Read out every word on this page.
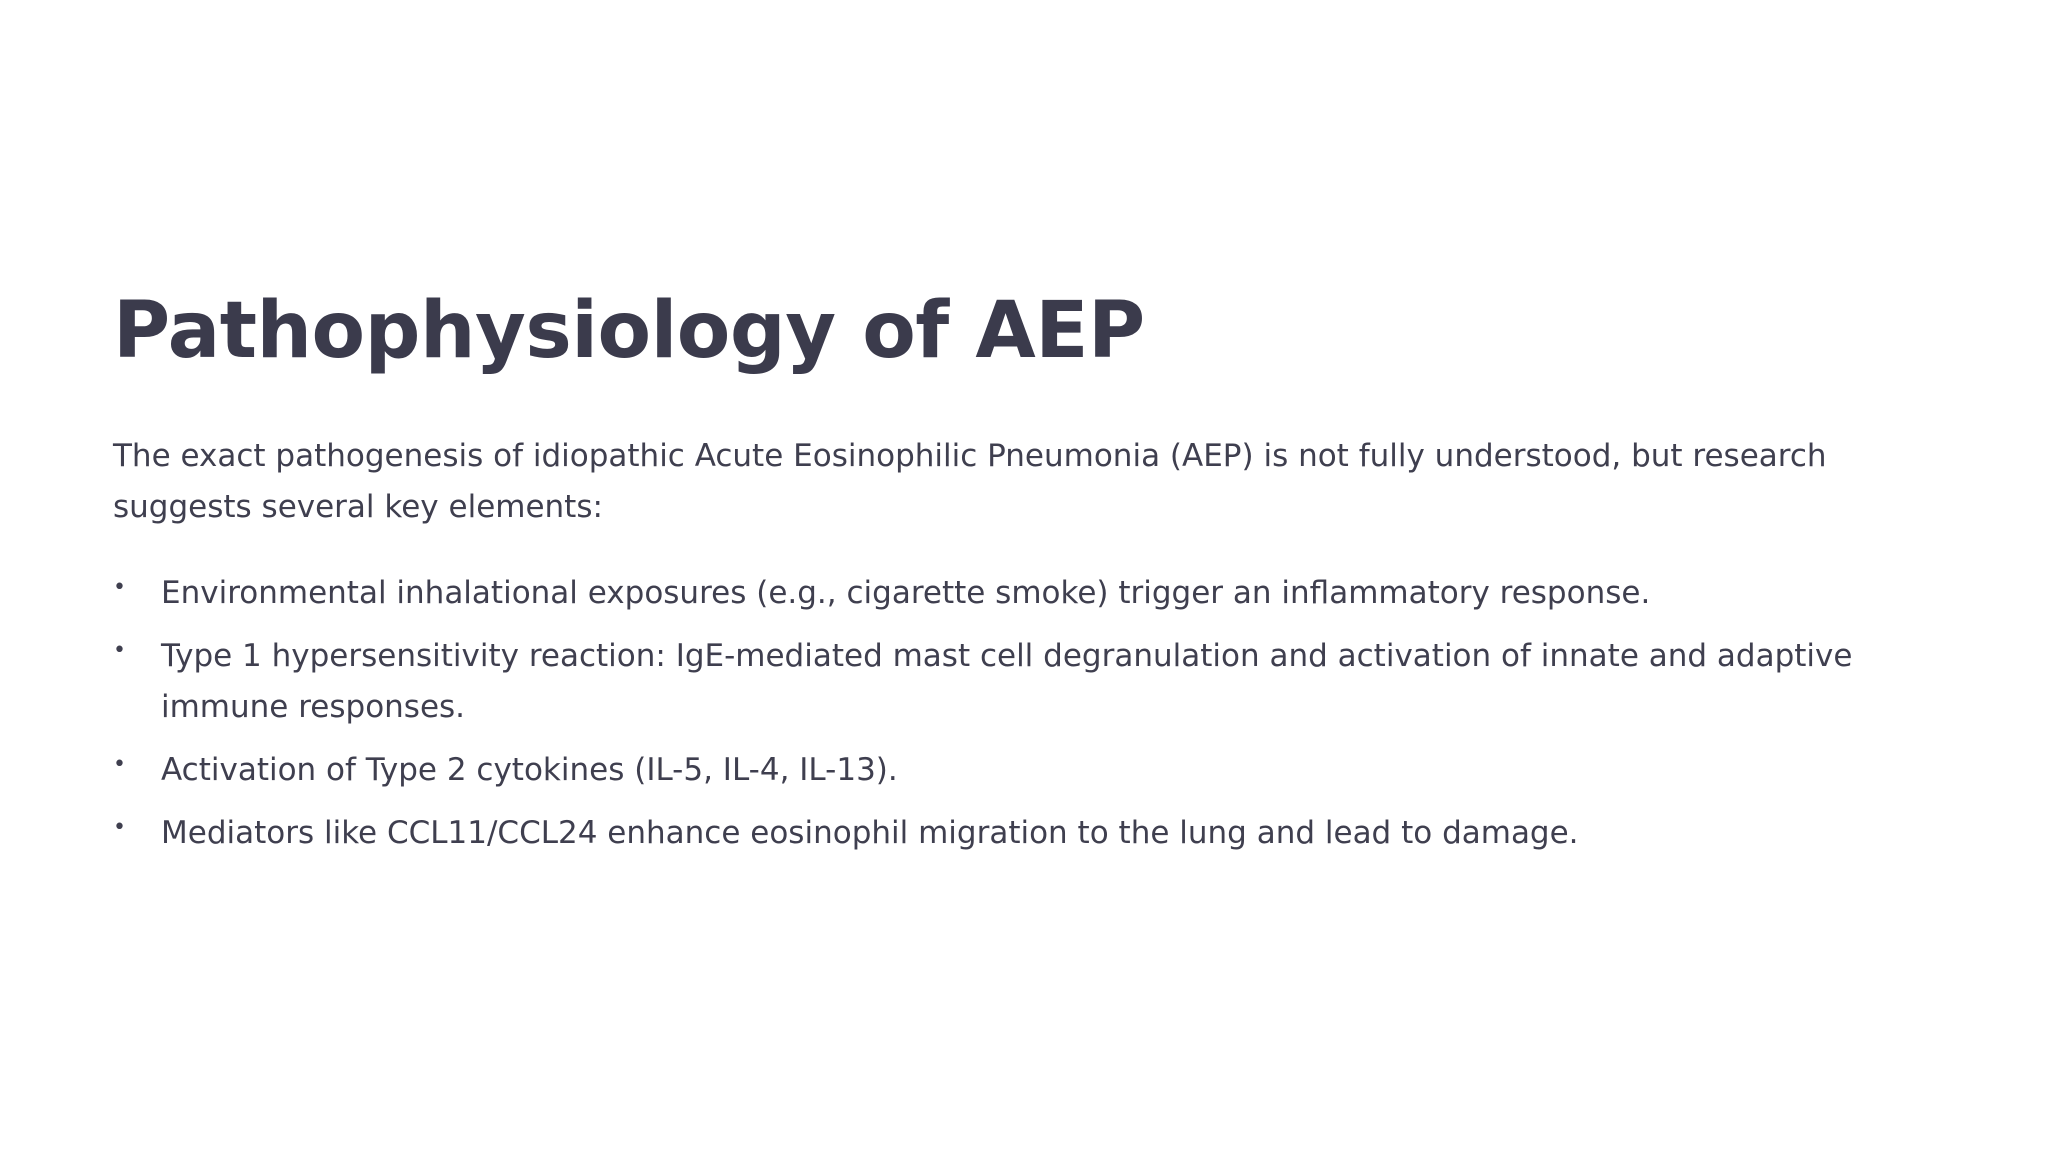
Pathophysiology of AEP

The exact pathogenesis of idiopathic Acute Eosinophilic Pneumonia (AEP) is not fully understood, but research suggests several key elements:

• Environmental inhalational exposures (e.g., cigarette smoke) trigger an inflammatory response.
• Type 1 hypersensitivity reaction: IgE-mediated mast cell degranulation and activation of innate and adaptive immune responses.
• Activation of Type 2 cytokines (IL-5, IL-4, IL-13).
• Mediators like CCL11/CCL24 enhance eosinophil migration to the lung and lead to damage.
